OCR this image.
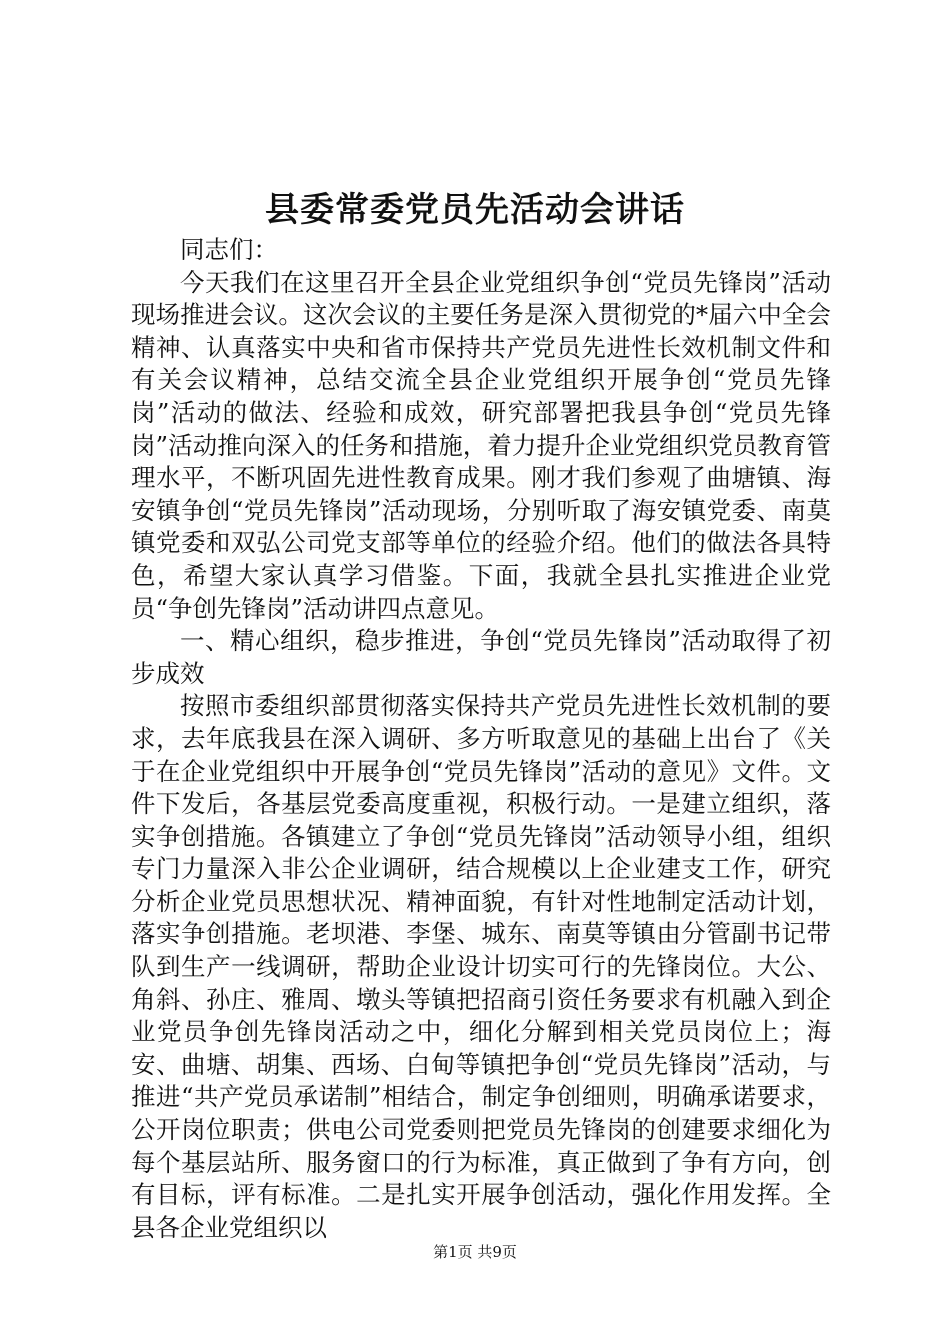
县委常委党员先活动会讲话

同志们：

今天我们在这里召开全县企业党组织争创“党员先锋岗”活动现场推进会议。这次会议的主要任务是深入贯彻党的*届六中全会精神、认真落实中央和省市保持共产党员先进性长效机制文件和有关会议精神，总结交流全县企业党组织开展争创“党员先锋岗”活动的做法、经验和成效，研究部署把我县争创“党员先锋岗”活动推向深入的任务和措施，着力提升企业党组织党员教育管理水平，不断巩固先进性教育成果。刚才我们参观了曲塘镇、海安镇争创“党员先锋岗”活动现场，分别听取了海安镇党委、南莫镇党委和双弘公司党支部等单位的经验介绍。他们的做法各具特色，希望大家认真学习借鉴。下面，我就全县扎实推进企业党员“争创先锋岗”活动讲四点意见。

一、精心组织，稳步推进，争创“党员先锋岗”活动取得了初步成效

按照市委组织部贯彻落实保持共产党员先进性长效机制的要求，去年底我县在深入调研、多方听取意见的基础上出台了《关于在企业党组织中开展争创“党员先锋岗”活动的意见》文件。文件下发后，各基层党委高度重视，积极行动。一是建立组织，落实争创措施。各镇建立了争创“党员先锋岗”活动领导小组，组织专门力量深入非公企业调研，结合规模以上企业建支工作，研究分析企业党员思想状况、精神面貌，有针对性地制定活动计划，落实争创措施。老坝港、李堡、城东、南莫等镇由分管副书记带队到生产一线调研，帮助企业设计切实可行的先锋岗位。大公、角斜、孙庄、雅周、墩头等镇把招商引资任务要求有机融入到企业党员争创先锋岗活动之中，细化分解到相关党员岗位上；海安、曲塘、胡集、西场、白甸等镇把争创“党员先锋岗”活动，与推进“共产党员承诺制”相结合，制定争创细则，明确承诺要求，公开岗位职责；供电公司党委则把党员先锋岗的创建要求细化为每个基层站所、服务窗口的行为标准，真正做到了争有方向，创有目标，评有标准。二是扎实开展争创活动，强化作用发挥。全县各企业党组织以

第1页 共9页
